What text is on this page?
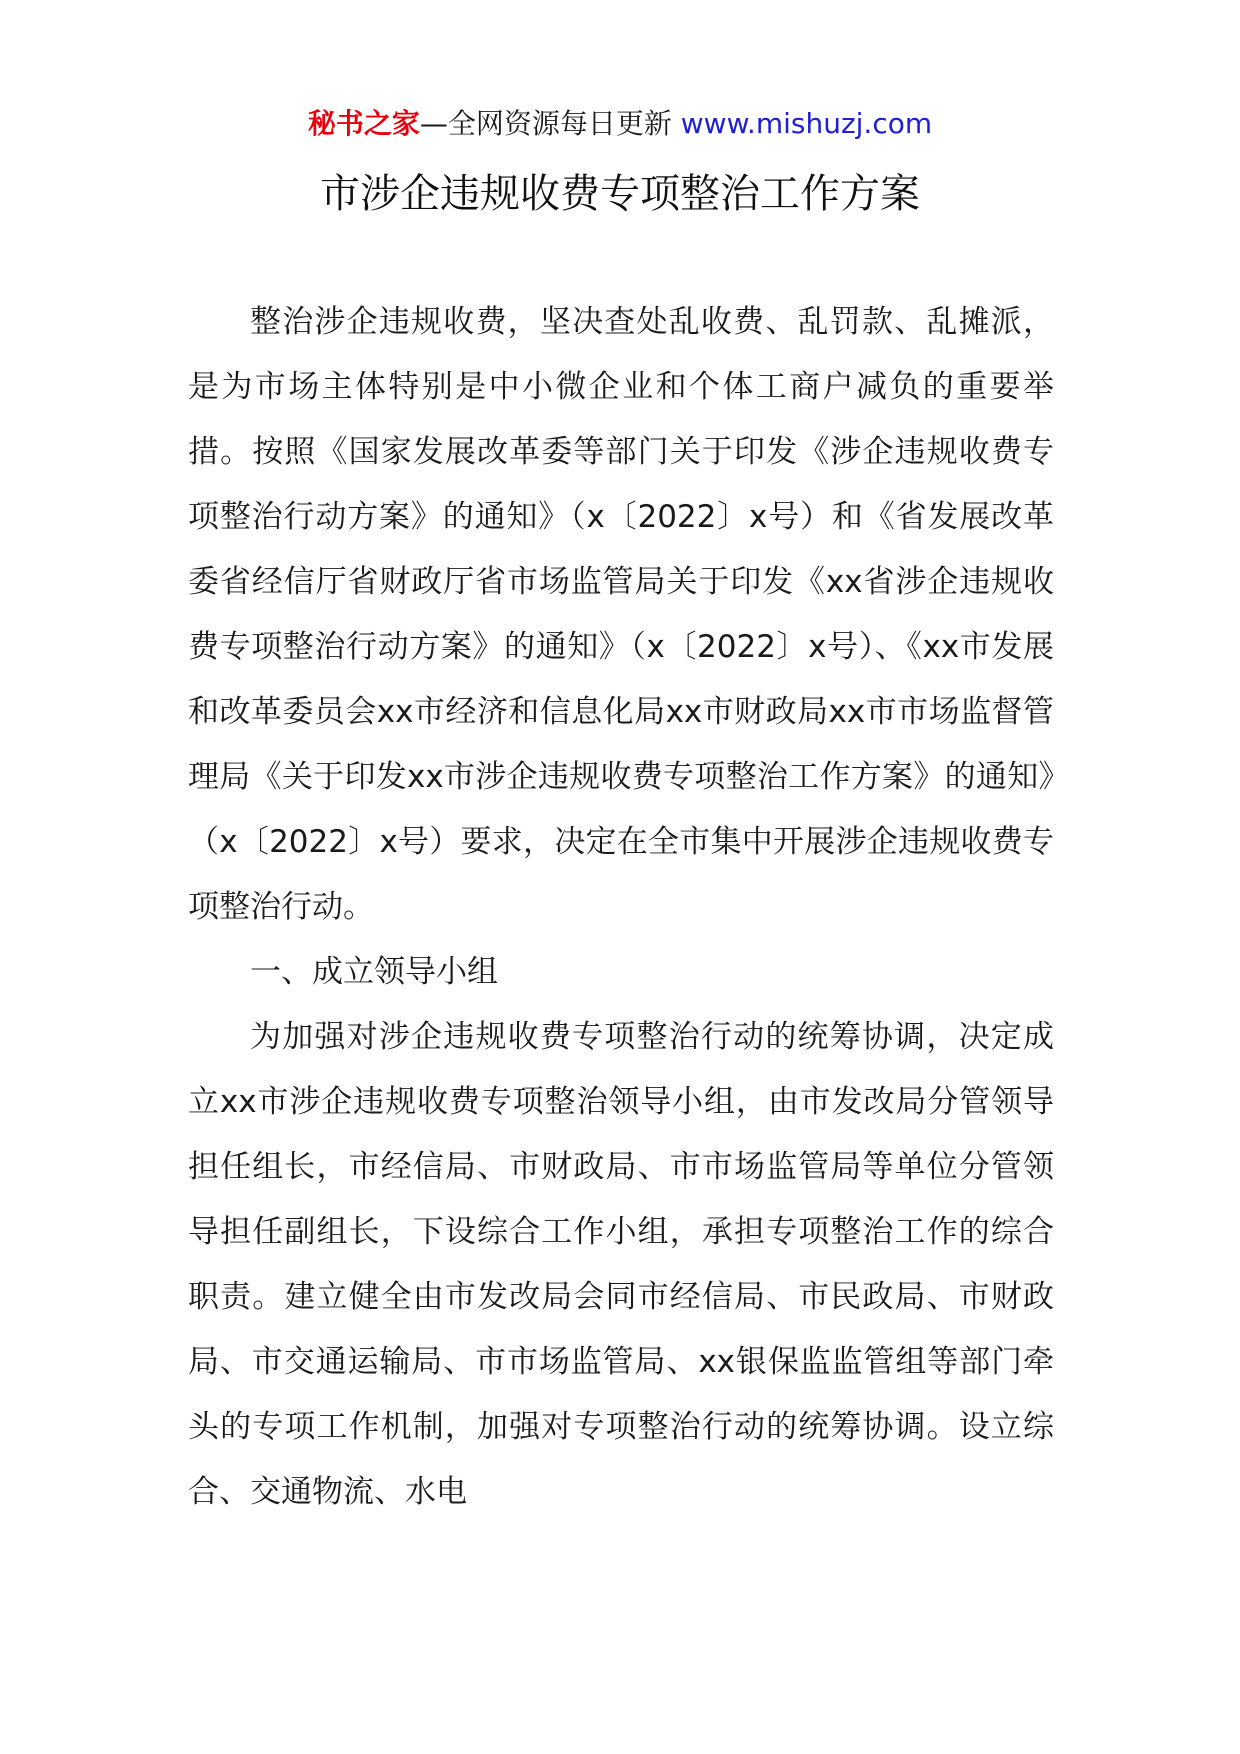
秘书之家—全网资源每日更新 www.mishuzj.com
市涉企违规收费专项整治工作方案

整治涉企违规收费，坚决查处乱收费、乱罚款、乱摊派，是为市场主体特别是中小微企业和个体工商户减负的重要举措。按照《国家发展改革委等部门关于印发《涉企违规收费专项整治行动方案》的通知》（x〔2022〕x号）和《省发展改革委省经信厅省财政厅省市场监管局关于印发《xx省涉企违规收费专项整治行动方案》的通知》（x〔2022〕x号）、《xx市发展和改革委员会xx市经济和信息化局xx市财政局xx市市场监督管理局《关于印发xx市涉企违规收费专项整治工作方案》的通知》（x〔2022〕x号）要求，决定在全市集中开展涉企违规收费专项整治行动。

一、成立领导小组

为加强对涉企违规收费专项整治行动的统筹协调，决定成立xx市涉企违规收费专项整治领导小组，由市发改局分管领导担任组长，市经信局、市财政局、市市场监管局等单位分管领导担任副组长，下设综合工作小组，承担专项整治工作的综合职责。建立健全由市发改局会同市经信局、市民政局、市财政局、市交通运输局、市市场监管局、xx银保监监管组等部门牵头的专项工作机制，加强对专项整治行动的统筹协调。设立综合、交通物流、水电
